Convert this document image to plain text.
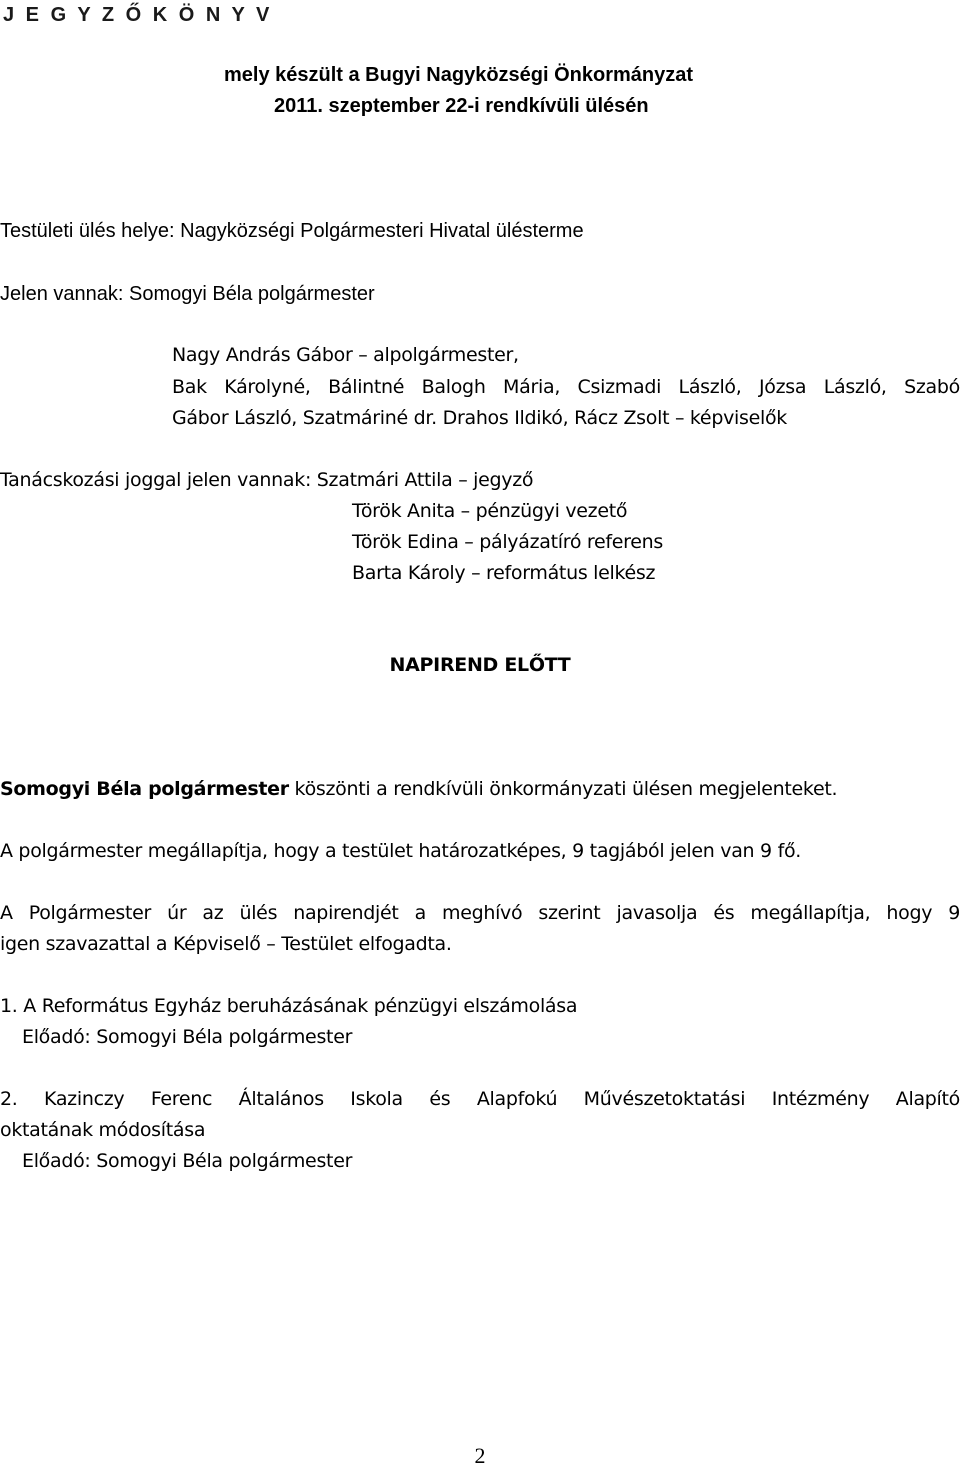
J E G Y Z Ő K Ö N Y V
mely készült a Bugyi Nagyközségi Önkormányzat
2011. szeptember 22-i rendkívüli ülésén
Testületi ülés helye: Nagyközségi Polgármesteri Hivatal ülésterme
Jelen vannak: Somogyi Béla polgármester
Nagy András Gábor – alpolgármester,
Bak Károlyné, Bálintné Balogh Mária, Csizmadi László, Józsa László, Szabó
Gábor László, Szatmáriné dr. Drahos Ildikó, Rácz Zsolt – képviselők
Tanácskozási joggal jelen vannak: Szatmári Attila – jegyző
Török Anita – pénzügyi vezető
Török Edina – pályázatíró referens
Barta Károly – református lelkész
NAPIREND ELŐTT
Somogyi Béla polgármester köszönti a rendkívüli önkormányzati ülésen megjelenteket.
A polgármester megállapítja, hogy a testület határozatképes, 9 tagjából jelen van 9 fő.
A Polgármester úr az ülés napirendjét a meghívó szerint javasolja és megállapítja, hogy 9
igen szavazattal a Képviselő – Testület elfogadta.
1. A Református Egyház beruházásának pénzügyi elszámolása
Előadó: Somogyi Béla polgármester
2. Kazinczy Ferenc Általános Iskola és Alapfokú Művészetoktatási Intézmény Alapító
oktatának módosítása
Előadó: Somogyi Béla polgármester
2
